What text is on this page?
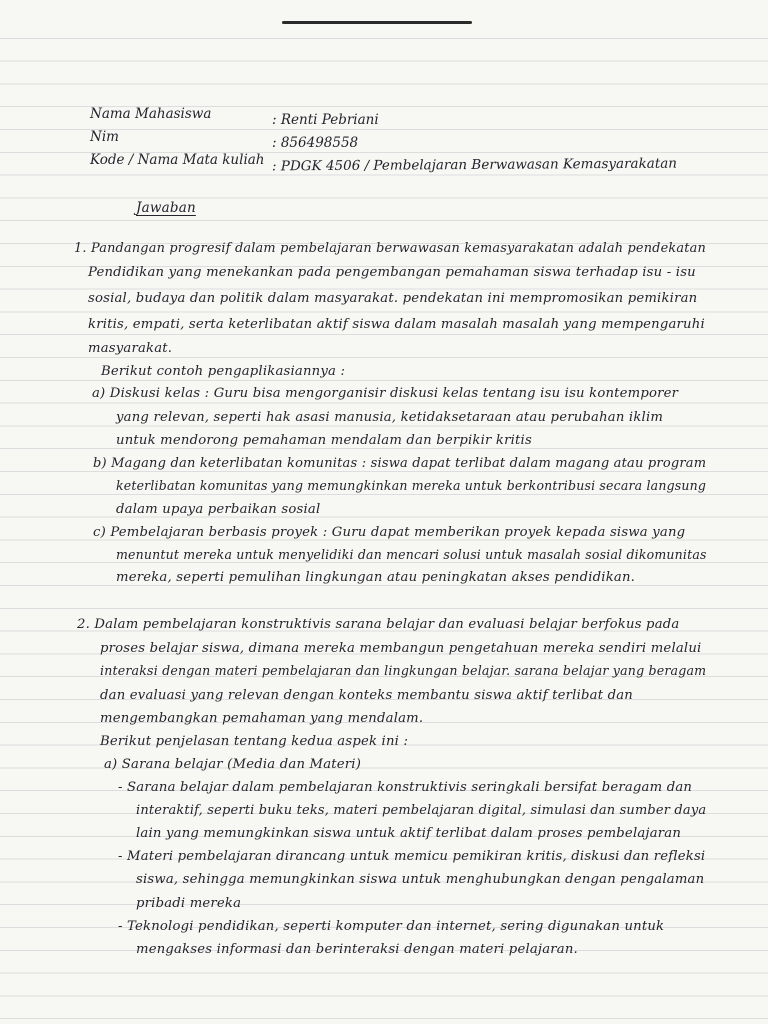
Nama Mahasiswa	: Renti Pebriani
Nim	: 856498558
Kode / Nama Mata kuliah : PDGK 4506 / Pembelajaran Berwawasan Kemasyarakatan
Jawaban
1. Pandangan progresif dalam pembelajaran berwawasan kemasyarakatan adalah pendekatan
Pendidikan yang menekankan pada pengembangan pemahaman siswa terhadap isu - isu
sosial, budaya dan politik dalam masyarakat. pendekatan ini mempromosikan pemikiran
kritis, empati, serta keterlibatan aktif siswa dalam masalah masalah yang mempengaruhi
masyarakat.
Berikut contoh pengaplikasiannya :
a) Diskusi kelas : Guru bisa mengorganisir diskusi kelas tentang isu isu kontemporer
yang relevan, seperti hak asasi manusia, ketidaksetaraan atau perubahan iklim
untuk mendorong pemahaman mendalam dan berpikir kritis
b) Magang dan keterlibatan komunitas : siswa dapat terlibat dalam magang atau program
keterlibatan komunitas yang memungkinkan mereka untuk berkontribusi secara langsung
dalam upaya perbaikan sosial
c) Pembelajaran berbasis proyek : Guru dapat memberikan proyek kepada siswa yang
menuntut mereka untuk menyelidiki dan mencari solusi untuk masalah sosial dikomunitas
mereka, seperti pemulihan lingkungan atau peningkatan akses pendidikan.
2. Dalam pembelajaran konstruktivis sarana belajar dan evaluasi belajar berfokus pada
proses belajar siswa, dimana mereka membangun pengetahuan mereka sendiri melalui
interaksi dengan materi pembelajaran dan lingkungan belajar. sarana belajar yang beragam
dan evaluasi yang relevan dengan konteks membantu siswa aktif terlibat dan
mengembangkan pemahaman yang mendalam.
Berikut penjelasan tentang kedua aspek ini :
a) Sarana belajar (Media dan Materi)
- Sarana belajar dalam pembelajaran konstruktivis seringkali bersifat beragam dan
interaktif, seperti buku teks, materi pembelajaran digital, simulasi dan sumber daya
lain yang memungkinkan siswa untuk aktif terlibat dalam proses pembelajaran
- Materi pembelajaran dirancang untuk memicu pemikiran kritis, diskusi dan refleksi
siswa, sehingga memungkinkan siswa untuk menghubungkan dengan pengalaman
pribadi mereka
- Teknologi pendidikan, seperti komputer dan internet, sering digunakan untuk
mengakses informasi dan berinteraksi dengan materi pelajaran.
